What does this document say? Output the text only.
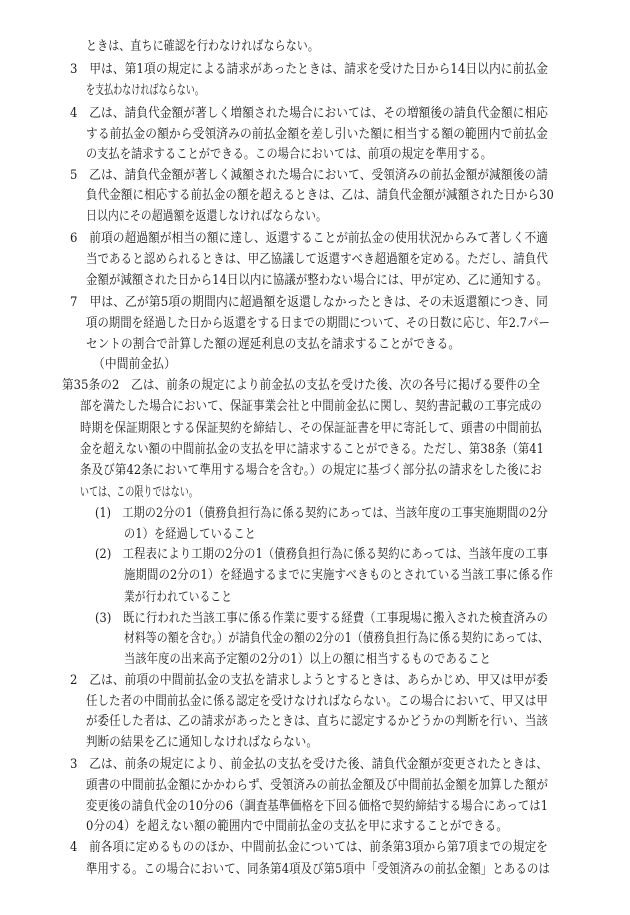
ときは、直ちに確認を行わなければならない。
3　甲は、第1項の規定による請求があったときは、請求を受けた日から14日以内に前払金
を支払わなければならない。
4　乙は、請負代金額が著しく増額された場合においては、その増額後の請負代金額に相応
する前払金の額から受領済みの前払金額を差し引いた額に相当する額の範囲内で前払金
の支払を請求することができる。この場合においては、前項の規定を準用する。
5　乙は、請負代金額が著しく減額された場合において、受領済みの前払金額が減額後の請
負代金額に相応する前払金の額を超えるときは、乙は、請負代金額が減額された日から30
日以内にその超過額を返還しなければならない。
6　前項の超過額が相当の額に達し、返還することが前払金の使用状況からみて著しく不適
当であると認められるときは、甲乙協議して返還すべき超過額を定める。ただし、請負代
金額が減額された日から14日以内に協議が整わない場合には、甲が定め、乙に通知する。
7　甲は、乙が第5項の期間内に超過額を返還しなかったときは、その未返還額につき、同
項の期間を経過した日から返還をする日までの期間について、その日数に応じ、年2.7パー
セントの割合で計算した額の遅延利息の支払を請求することができる。
（中間前金払）
第35条の2　乙は、前条の規定により前金払の支払を受けた後、次の各号に掲げる要件の全
部を満たした場合において、保証事業会社と中間前金払に関し、契約書記載の工事完成の
時期を保証期限とする保証契約を締結し、その保証証書を甲に寄託して、頭書の中間前払
金を超えない額の中間前払金の支払を甲に請求することができる。ただし、第38条（第41
条及び第42条において準用する場合を含む。）の規定に基づく部分払の請求をした後にお
いては、この限りではない。
(1)　工期の2分の1（債務負担行為に係る契約にあっては、当該年度の工事実施期間の2分
の1）を経過していること
(2)　工程表により工期の2分の1（債務負担行為に係る契約にあっては、当該年度の工事
施期間の2分の1）を経過するまでに実施すべきものとされている当該工事に係る作
業が行われていること
(3)　既に行われた当該工事に係る作業に要する経費（工事現場に搬入された検査済みの
材料等の額を含む。）が請負代金の額の2分の1（債務負担行為に係る契約にあっては、
当該年度の出来高予定額の2分の1）以上の額に相当するものであること
2　乙は、前項の中間前払金の支払を請求しようとするときは、あらかじめ、甲又は甲が委
任した者の中間前払金に係る認定を受けなければならない。この場合において、甲又は甲
が委任した者は、乙の請求があったときは、直ちに認定するかどうかの判断を行い、当該
判断の結果を乙に通知しなければならない。
3　乙は、前条の規定により、前金払の支払を受けた後、請負代金額が変更されたときは、
頭書の中間前払金額にかかわらず、受領済みの前払金額及び中間前払金額を加算した額が
変更後の請負代金の10分の6（調査基準価格を下回る価格で契約締結する場合にあっては1
0分の4）を超えない額の範囲内で中間前払金の支払を甲に求することができる。
4　前各項に定めるもののほか、中間前払金については、前条第3項から第7項までの規定を
準用する。この場合において、同条第4項及び第5項中「受領済みの前払金額」とあるのは
